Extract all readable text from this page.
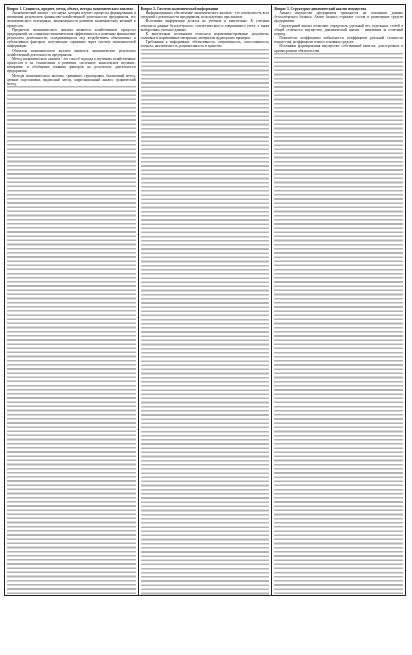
Вопрос 1. Сущность, предмет, метод, объект, методы экономического анализа

Экономический анализ - это наука, которая изучает процессы формирования и изменения результатов финансово-хозяйственной деятельности предприятия, его экономического потенциала, закономерности развития экономических явлений и процессов.

Предметом экономического анализа являются хозяйственные процессы предприятий, их социально-экономическая эффективность и конечные финансовые результаты деятельности, складывающиеся под воздействием объективных и субъективных факторов, получающих отражение через систему экономической информации.

Объектом экономического анализа являются экономические результаты хозяйственной деятельности предприятия.

Метод экономического анализа - это способ подхода к изучению хозяйственных процессов в их становлении и развитии, системное, комплексное изучение, измерение и обобщение влияния факторов на результаты деятельности предприятия.

Методы экономического анализа: сравнение, группировка, балансовый метод, цепные подстановки, индексный метод, корреляционный анализ, графический метод.

Вопрос 2. Система экономической информации

Информационное обеспечение экономического анализа - это совокупность всех сведений о деятельности предприятия, используемых при анализе.

Источники информации делятся на учетные и внеучетные. К учетным относятся данные бухгалтерского, статистического и оперативного учета, а также выборочных учетных данных.

К внеучетным источникам относятся нормативно-правовые документы, плановые и нормативные материалы, материалы аудиторских проверок.

Требования к информации: объективность, оперативность, сопоставимость, полнота, аналитичность, рациональность и единство.

Вопрос 3. Структурно-динамический анализ имущества

Анализ имущества предприятия проводится на основании данных бухгалтерского баланса. Актив баланса отражает состав и размещение средств предприятия.

Структурный анализ позволяет определить удельный вес отдельных статей в общей стоимости имущества, динамический анализ - изменения за отчетный период.

Показатели: коэффициент мобильности, коэффициент реальной стоимости имущества, коэффициент износа основных средств.

Источники формирования имущества: собственный капитал, долгосрочные и краткосрочные обязательства.
